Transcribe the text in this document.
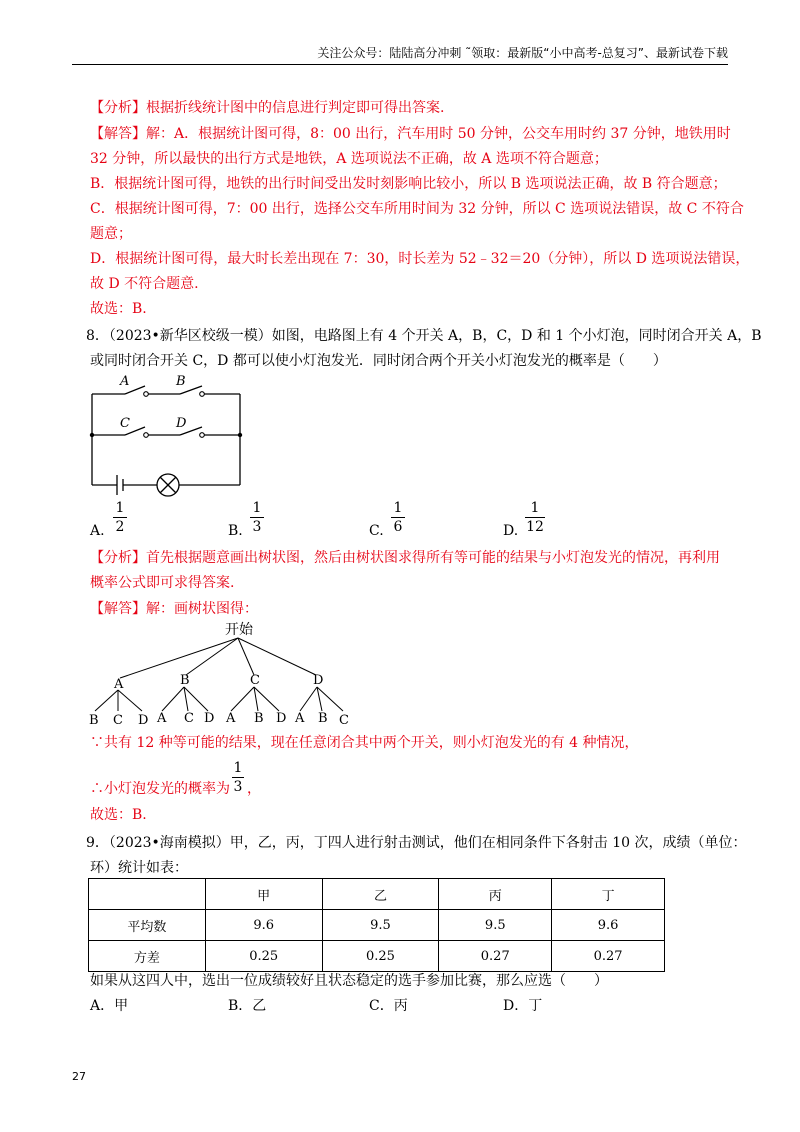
关注公众号：陆陆高分冲刺 ˜领取：最新版“小中高考-总复习”、最新试卷下载
【分析】根据折线统计图中的信息进行判定即可得出答案.
【解答】解：A．根据统计图可得，8：00 出行，汽车用时 50 分钟，公交车用时约 37 分钟，地铁用时
32 分钟，所以最快的出行方式是地铁，A 选项说法不正确，故 A 选项不符合题意；
B．根据统计图可得，地铁的出行时间受出发时刻影响比较小，所以 B 选项说法正确，故 B 符合题意；
C．根据统计图可得，7：00 出行，选择公交车所用时间为 32 分钟，所以 C 选项说法错误，故 C 不符合
题意；
D．根据统计图可得，最大时长差出现在 7：30，时长差为 52﹣32＝20（分钟），所以 D 选项说法错误，
故 D 不符合题意.
故选：B.
8．（2023•新华区校级一模）如图，电路图上有 4 个开关 A，B，C，D 和 1 个小灯泡，同时闭合开关 A，B
或同时闭合开关 C，D 都可以使小灯泡发光．同时闭合两个开关小灯泡发光的概率是（　　）
A	B
C	D
A.
1
2	B.
1
3	C.
1
6	D.
1
12
【分析】首先根据题意画出树状图，然后由树状图求得所有等可能的结果与小灯泡发光的情况，再利用
概率公式即可求得答案.
【解答】解：画树状图得：
开始
A	B	C	D
B C D A C D A B D A B C
∵共有 12 种等可能的结果，现在任意闭合其中两个开关，则小灯泡发光的有 4 种情况，
∴小灯泡发光的概率为
1
3 ，
故选：B.
9．（2023•海南模拟）甲，乙，丙，丁四人进行射击测试，他们在相同条件下各射击 10 次，成绩（单位：
环）统计如表：
	甲	乙	丙	丁
平均数	9.6	9.5	9.5	9.6
方差	0.25	0.25	0.27	0.27
如果从这四人中，选出一位成绩较好且状态稳定的选手参加比赛，那么应选（　　）
A．甲	B．乙	C．丙	D．丁
27
